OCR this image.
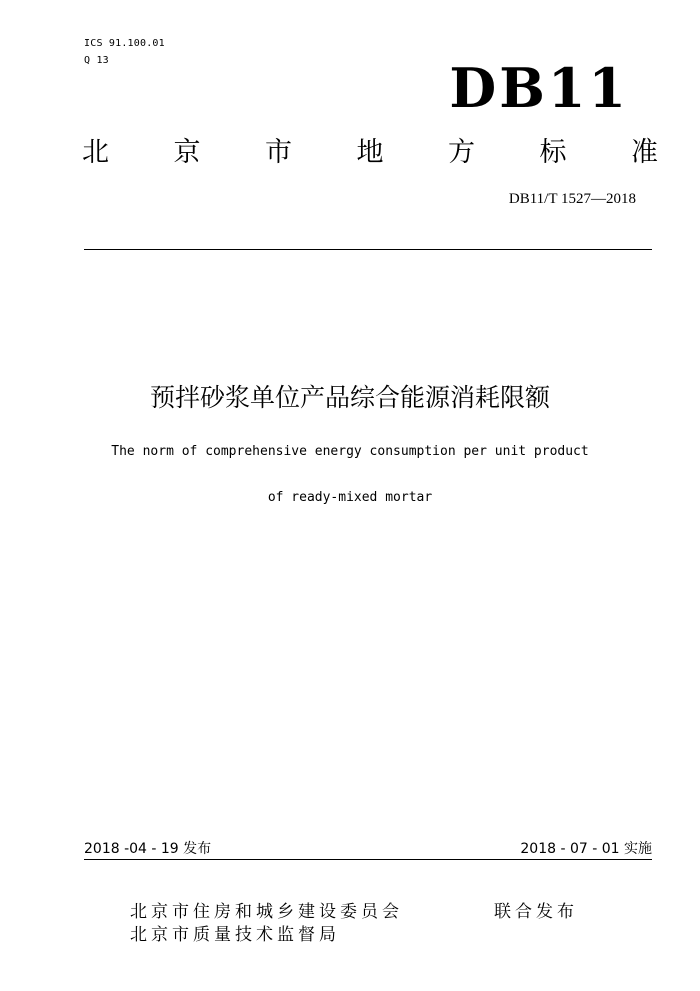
ICS 91.100.01
Q 13	DB11
北 京 市 地 方 标 准
DB11/T 1527—2018
预拌砂浆单位产品综合能源消耗限额
The norm of comprehensive energy consumption per unit product
of ready-mixed mortar
2018 -04 - 19 发布	2018 - 07 - 01 实施
北京市住房和城乡建设委员会
北京市质量技术监督局
联合发布
